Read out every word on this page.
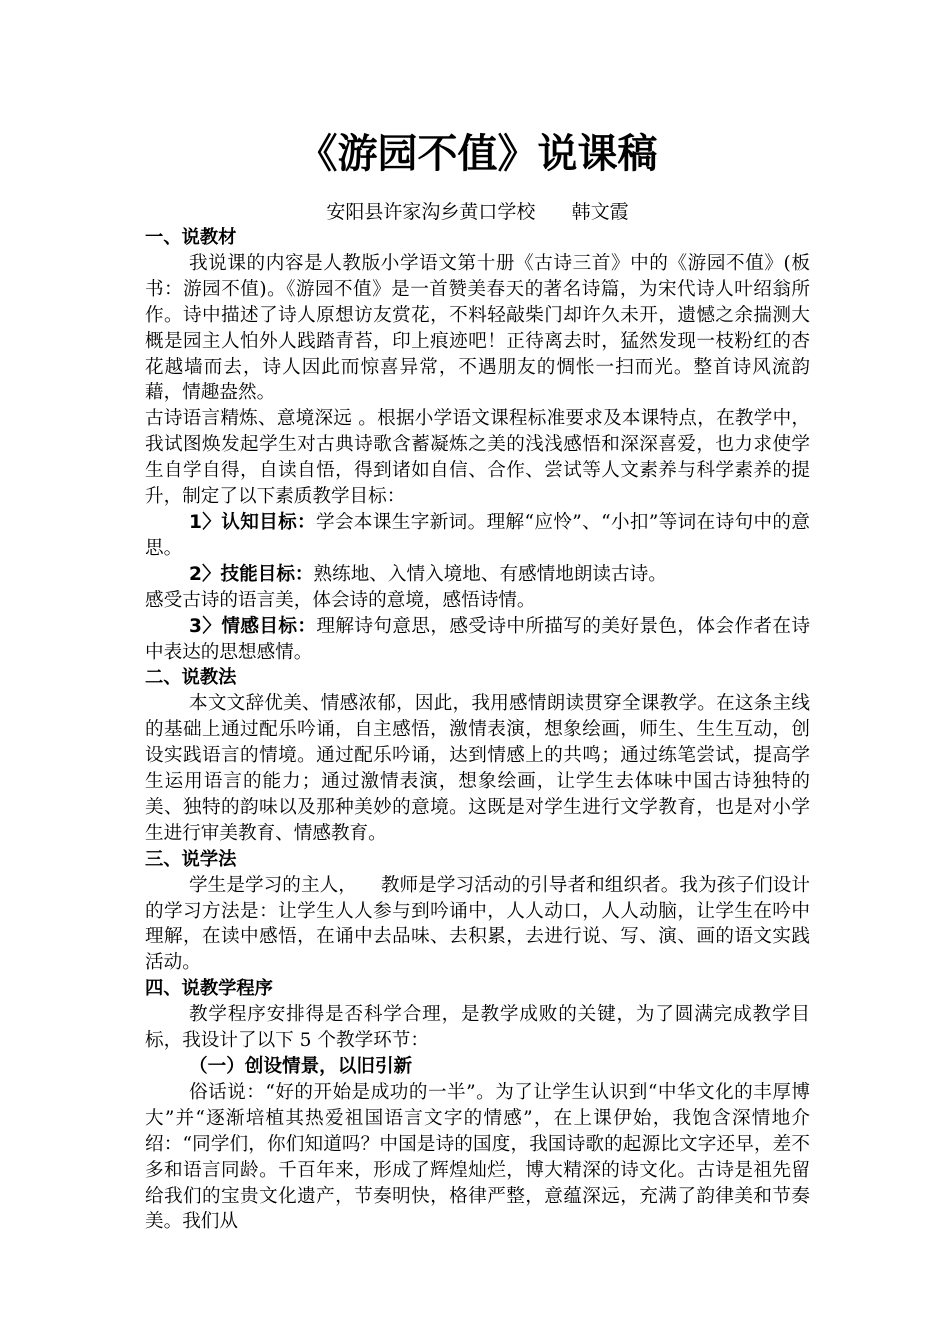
《游园不值》说课稿
安阳县许家沟乡黄口学校      韩文霞

一、说教材

我说课的内容是人教版小学语文第十册《古诗三首》中的《游园不值》(板书：游园不值)。《游园不值》是一首赞美春天的著名诗篇，为宋代诗人叶绍翁所作。诗中描述了诗人原想访友赏花，不料轻敲柴门却许久未开，遗憾之余揣测大概是园主人怕外人践踏青苔，印上痕迹吧！正待离去时，猛然发现一枝粉红的杏花越墙而去，诗人因此而惊喜异常，不遇朋友的惆怅一扫而光。整首诗风流韵藉，情趣盎然。

古诗语言精炼、意境深远 。根据小学语文课程标准要求及本课特点，在教学中，我试图焕发起学生对古典诗歌含蓄凝炼之美的浅浅感悟和深深喜爱，也力求使学生自学自得，自读自悟，得到诸如自信、合作、尝试等人文素养与科学素养的提升，制定了以下素质教学目标：

1〉认知目标：学会本课生字新词。理解“应怜”、“小扣”等词在诗句中的意思。

2〉技能目标：熟练地、入情入境地、有感情地朗读古诗。

感受古诗的语言美，体会诗的意境，感悟诗情。

3〉情感目标：理解诗句意思，感受诗中所描写的美好景色，体会作者在诗中表达的思想感情。

二、说教法

本文文辞优美、情感浓郁，因此，我用感情朗读贯穿全课教学。在这条主线的基础上通过配乐吟诵，自主感悟，激情表演，想象绘画，师生、生生互动，创设实践语言的情境。通过配乐吟诵，达到情感上的共鸣；通过练笔尝试，提高学生运用语言的能力；通过激情表演，想象绘画，让学生去体味中国古诗独特的美、独特的韵味以及那种美妙的意境。这既是对学生进行文学教育，也是对小学生进行审美教育、情感教育。

三、说学法

学生是学习的主人，    教师是学习活动的引导者和组织者。我为孩子们设计的学习方法是：让学生人人参与到吟诵中，人人动口，人人动脑，让学生在吟中理解，在读中感悟，在诵中去品味、去积累，去进行说、写、演、画的语文实践活动。

四、说教学程序

教学程序安排得是否科学合理，是教学成败的关键，为了圆满完成教学目标，我设计了以下 5 个教学环节：

（一）创设情景，以旧引新

俗话说：“好的开始是成功的一半”。为了让学生认识到“中华文化的丰厚博大”并“逐渐培植其热爱祖国语言文字的情感”，在上课伊始，我饱含深情地介绍：“同学们，你们知道吗？中国是诗的国度，我国诗歌的起源比文字还早，差不多和语言同龄。千百年来，形成了辉煌灿烂，博大精深的诗文化。古诗是祖先留给我们的宝贵文化遗产，节奏明快，格律严整，意蕴深远，充满了韵律美和节奏美。我们从
